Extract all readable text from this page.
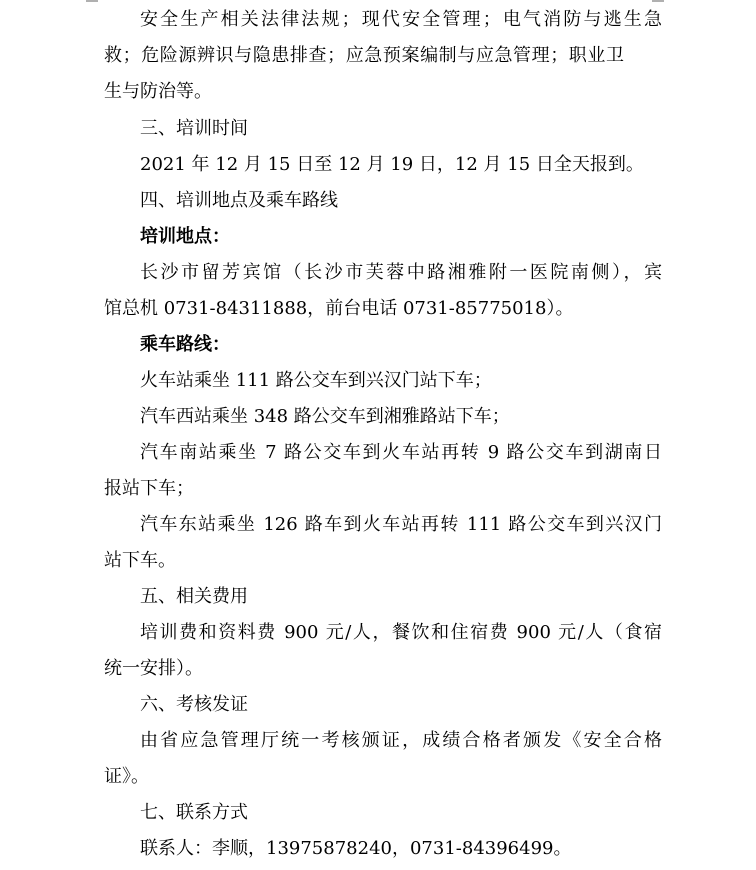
安全生产相关法律法规；现代安全管理；电气消防与逃生急
救；危险源辨识与隐患排查；应急预案编制与应急管理；职业卫
生与防治等。
三、培训时间
2021 年 12 月 15 日至 12 月 19 日，12 月 15 日全天报到。
四、培训地点及乘车路线
培训地点：
长沙市留芳宾馆（长沙市芙蓉中路湘雅附一医院南侧），宾
馆总机 0731-84311888，前台电话 0731-85775018）。
乘车路线：
火车站乘坐 111 路公交车到兴汉门站下车；
汽车西站乘坐 348 路公交车到湘雅路站下车；
汽车南站乘坐 7 路公交车到火车站再转 9 路公交车到湖南日
报站下车；
汽车东站乘坐 126 路车到火车站再转 111 路公交车到兴汉门
站下车。
五、相关费用
培训费和资料费 900 元/人，餐饮和住宿费 900 元/人（食宿
统一安排）。
六、考核发证
由省应急管理厅统一考核颁证，成绩合格者颁发《安全合格
证》。
七、联系方式
联系人：李顺，13975878240，0731-84396499。
